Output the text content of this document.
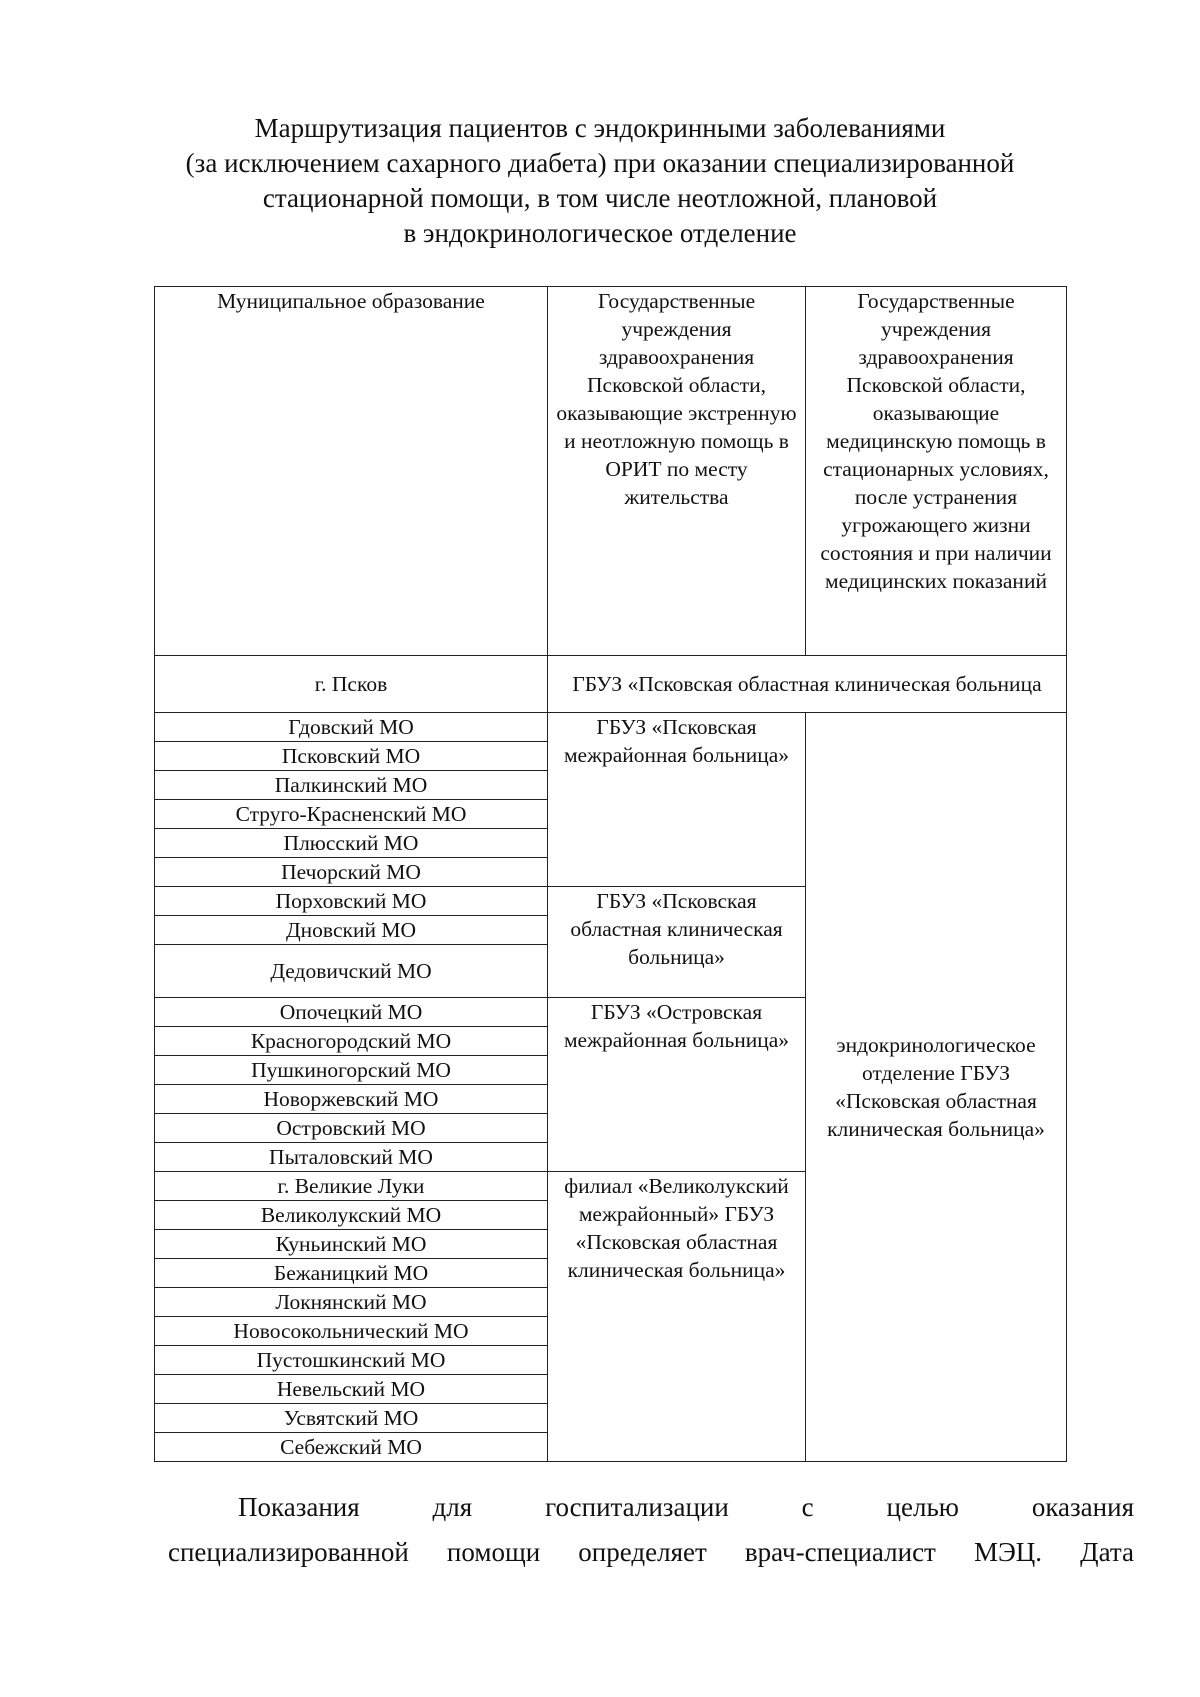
Маршрутизация пациентов с эндокринными заболеваниями
(за исключением сахарного диабета) при оказании специализированной
стационарной помощи, в том числе неотложной, плановой
в эндокринологическое отделение
Муниципальное образование	Государственные учреждения здравоохранения Псковской области, оказывающие экстренную и неотложную помощь в ОРИТ по месту жительства	Государственные учреждения здравоохранения Псковской области, оказывающие медицинскую помощь в стационарных условиях, после устранения угрожающего жизни состояния и при наличии медицинских показаний
г. Псков	ГБУЗ «Псковская областная клиническая больница	
Гдовский МО	ГБУЗ «Псковская межрайонная больница»	эндокринологическое отделение ГБУЗ «Псковская областная клиническая больница»
Псковский МО		
Палкинский МО		
Струго-Красненский МО		
Плюсский МО		
Печорский МО		
Порховский МО	ГБУЗ «Псковская областная клиническая больница»	
Дновский МО		
Дедовичский МО		
Опочецкий МО	ГБУЗ «Островская межрайонная больница»	
Красногородский МО		
Пушкиногорский МО		
Новоржевский МО		
Островский МО		
Пыталовский МО		
г. Великие Луки	филиал «Великолукский межрайонный» ГБУЗ «Псковская областная клиническая больница»	
Великолукский МО		
Куньинский МО		
Бежаницкий МО		
Локнянский МО		
Новосокольнический МО		
Пустошкинский МО		
Невельский МО		
Усвятский МО		
Себежский МО		
Показания для госпитализации с целью оказания
специализированной помощи определяет врач-специалист МЭЦ. Дата
